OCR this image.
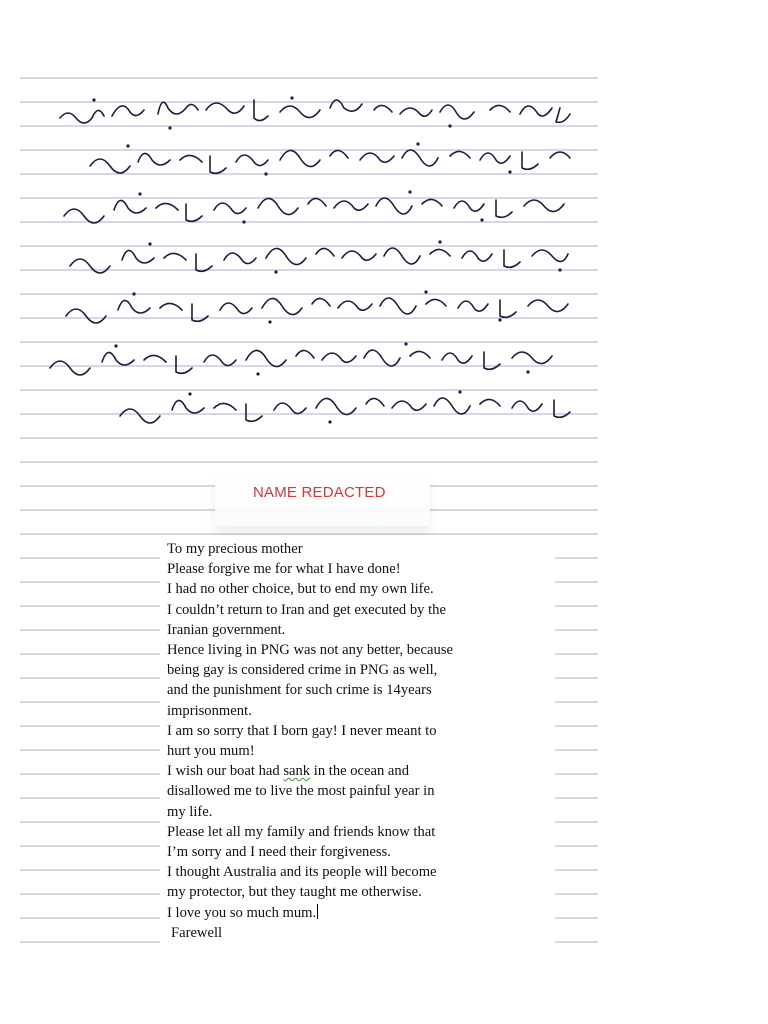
NAME REDACTED
To my precious mother
Please forgive me for what I have done!
I had no other choice, but to end my own life.
I couldn’t return to Iran and get executed by the
Iranian government.
Hence living in PNG was not any better, because
being gay is considered crime in PNG as well,
and the punishment for such crime is 14years
imprisonment.
I am so sorry that I born gay! I never meant to
hurt you mum!
I wish our boat had sank in the ocean and
disallowed me to live the most painful year in
my life.
Please let all my family and friends know that
I’m sorry and I need their forgiveness.
I thought Australia and its people will become
my protector, but they taught me otherwise.
I love you so much mum.
Farewell
